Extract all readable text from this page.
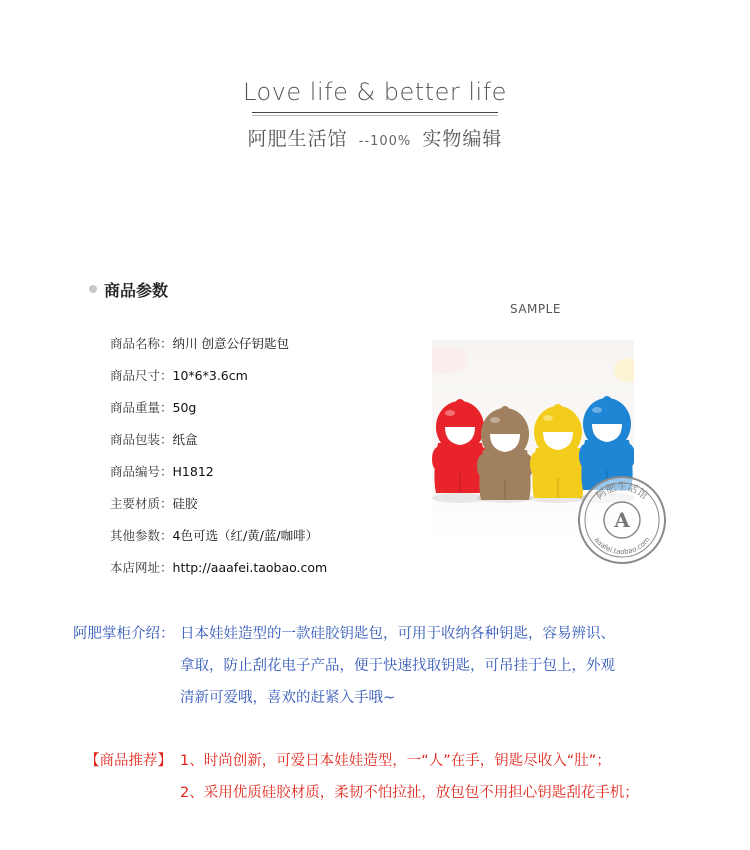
Love life & better life
阿肥生活馆 --100% 实物编辑
商品参数
商品名称：纳川 创意公仔钥匙包
商品尺寸：10*6*3.6cm
商品重量：50g
商品包装：纸盒
商品编号：H1812
主要材质：硅胶
其他参数：4色可选（红/黄/蓝/咖啡）
本店网址：http://aaafei.taobao.com
SAMPLE
A
阿肥生活馆
aaafei.taobao.com
阿肥掌柜介绍： 日本娃娃造型的一款硅胶钥匙包，可用于收纳各种钥匙，容易辨识、
拿取，防止刮花电子产品，便于快速找取钥匙，可吊挂于包上，外观
清新可爱哦，喜欢的赶紧入手哦~
【商品推荐】 1、时尚创新，可爱日本娃娃造型，一“人”在手，钥匙尽收入“肚”；
2、采用优质硅胶材质，柔韧不怕拉扯，放包包不用担心钥匙刮花手机；
